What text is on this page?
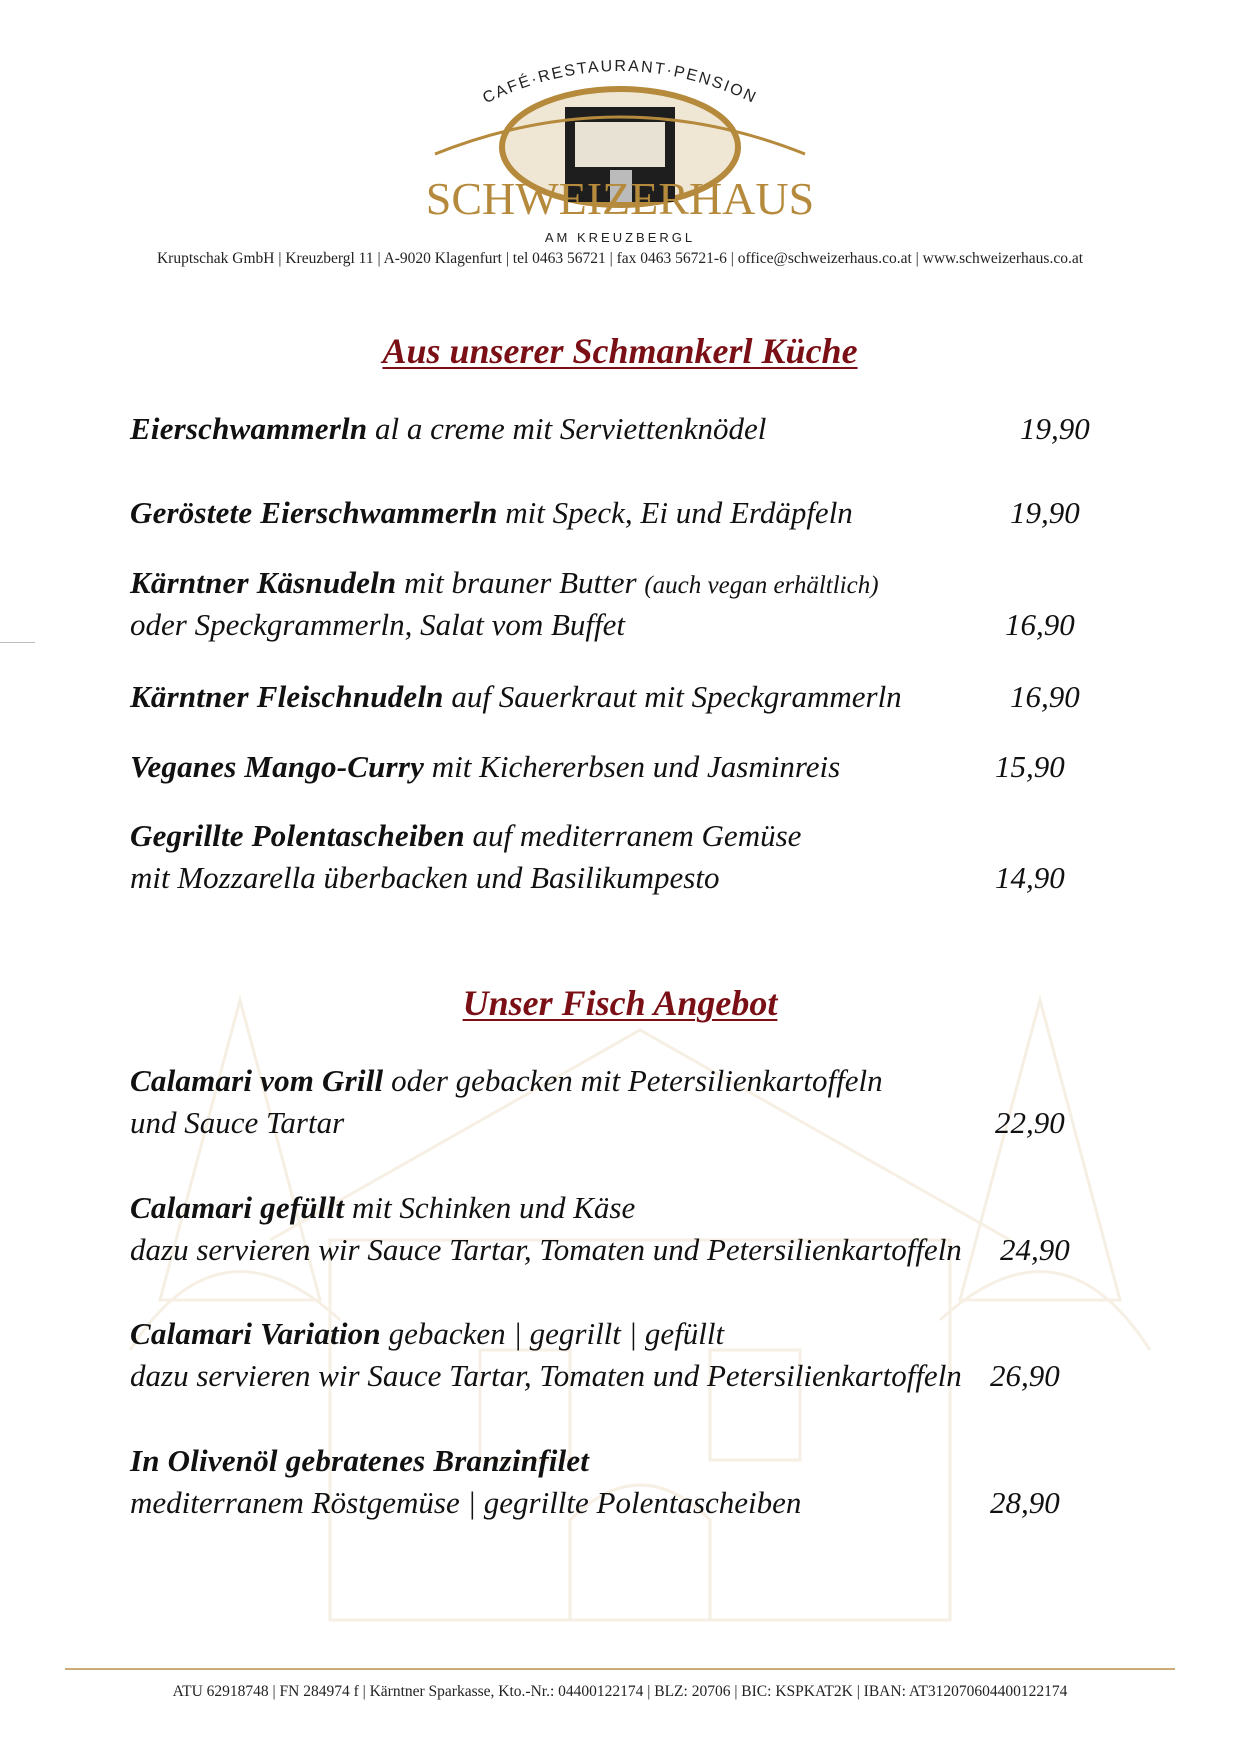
CAFÉ·RESTAURANT·PENSION
SCHWEIZERHAUS
AM KREUZBERGL
Kruptschak GmbH | Kreuzbergl 11 | A-9020 Klagenfurt | tel 0463 56721 | fax 0463 56721-6 | office@schweizerhaus.co.at | www.schweizerhaus.co.at
Aus unserer Schmankerl Küche
Eierschwammerln al a creme mit Serviettenknödel	19,90
Geröstete Eierschwammerln mit Speck, Ei und Erdäpfeln	19,90
Kärntner Käsnudeln mit brauner Butter (auch vegan erhältlich)
oder Speckgrammerln, Salat vom Buffet	16,90
Kärntner Fleischnudeln auf Sauerkraut mit Speckgrammerln	16,90
Veganes Mango-Curry mit Kichererbsen und Jasminreis	15,90
Gegrillte Polentascheiben auf mediterranem Gemüse
mit Mozzarella überbacken und Basilikumpesto	14,90
Unser Fisch Angebot
Calamari vom Grill oder gebacken mit Petersilienkartoffeln
und Sauce Tartar	22,90
Calamari gefüllt mit Schinken und Käse
dazu servieren wir Sauce Tartar, Tomaten und Petersilienkartoffeln 24,90
Calamari Variation gebacken | gegrillt | gefüllt
dazu servieren wir Sauce Tartar, Tomaten und Petersilienkartoffeln 26,90
In Olivenöl gebratenes Branzinfilet
mediterranem Röstgemüse | gegrillte Polentascheiben	28,90
ATU 62918748 | FN 284974 f | Kärntner Sparkasse, Kto.-Nr.: 04400122174 | BLZ: 20706 | BIC: KSPKAT2K | IBAN: AT312070604400122174
